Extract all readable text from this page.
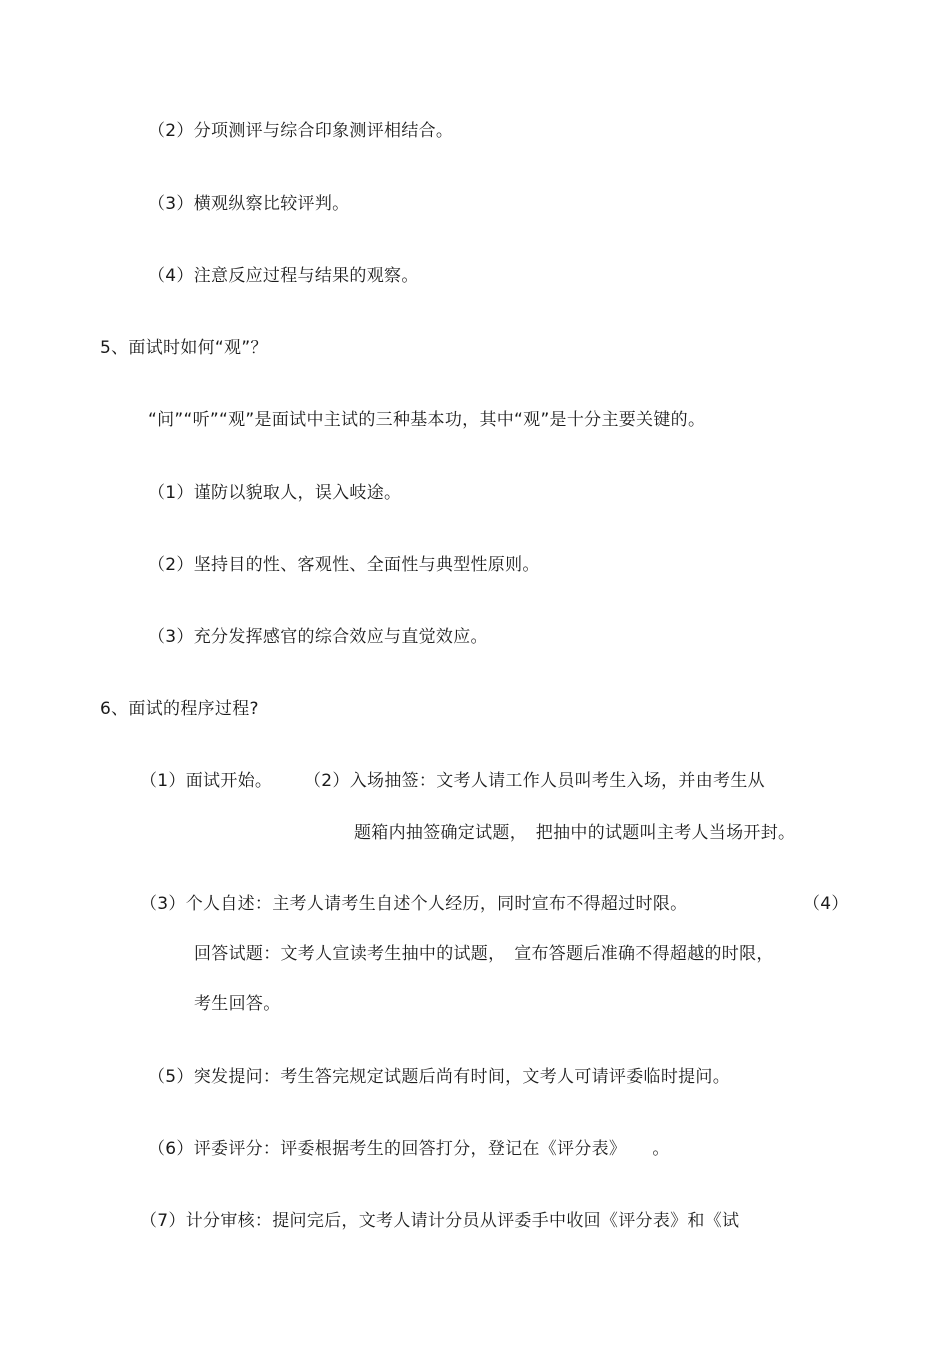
（2）分项测评与综合印象测评相结合。
（3）横观纵察比较评判。
（4）注意反应过程与结果的观察。
5、面试时如何“观”？
“问”“听”“观”是面试中主试的三种基本功，其中“观”是十分主要关键的。
（1）谨防以貌取人，误入岐途。
（2）坚持目的性、客观性、全面性与典型性原则。
（3）充分发挥感官的综合效应与直觉效应。
6、面试的程序过程?
（1）面试开始。 （2）入场抽签：文考人请工作人员叫考生入场，并由考生从
题箱内抽签确定试题，　把抽中的试题叫主考人当场开封。
（3）个人自述：主考人请考生自述个人经历，同时宣布不得超过时限。	（4）
回答试题：文考人宣读考生抽中的试题，　宣布答题后准确不得超越的时限，
考生回答。
（5）突发提问：考生答完规定试题后尚有时间，文考人可请评委临时提问。
（6）评委评分：评委根据考生的回答打分，登记在《评分表》　　。
（7）计分审核：提问完后，文考人请计分员从评委手中收回《评分表》和《试
